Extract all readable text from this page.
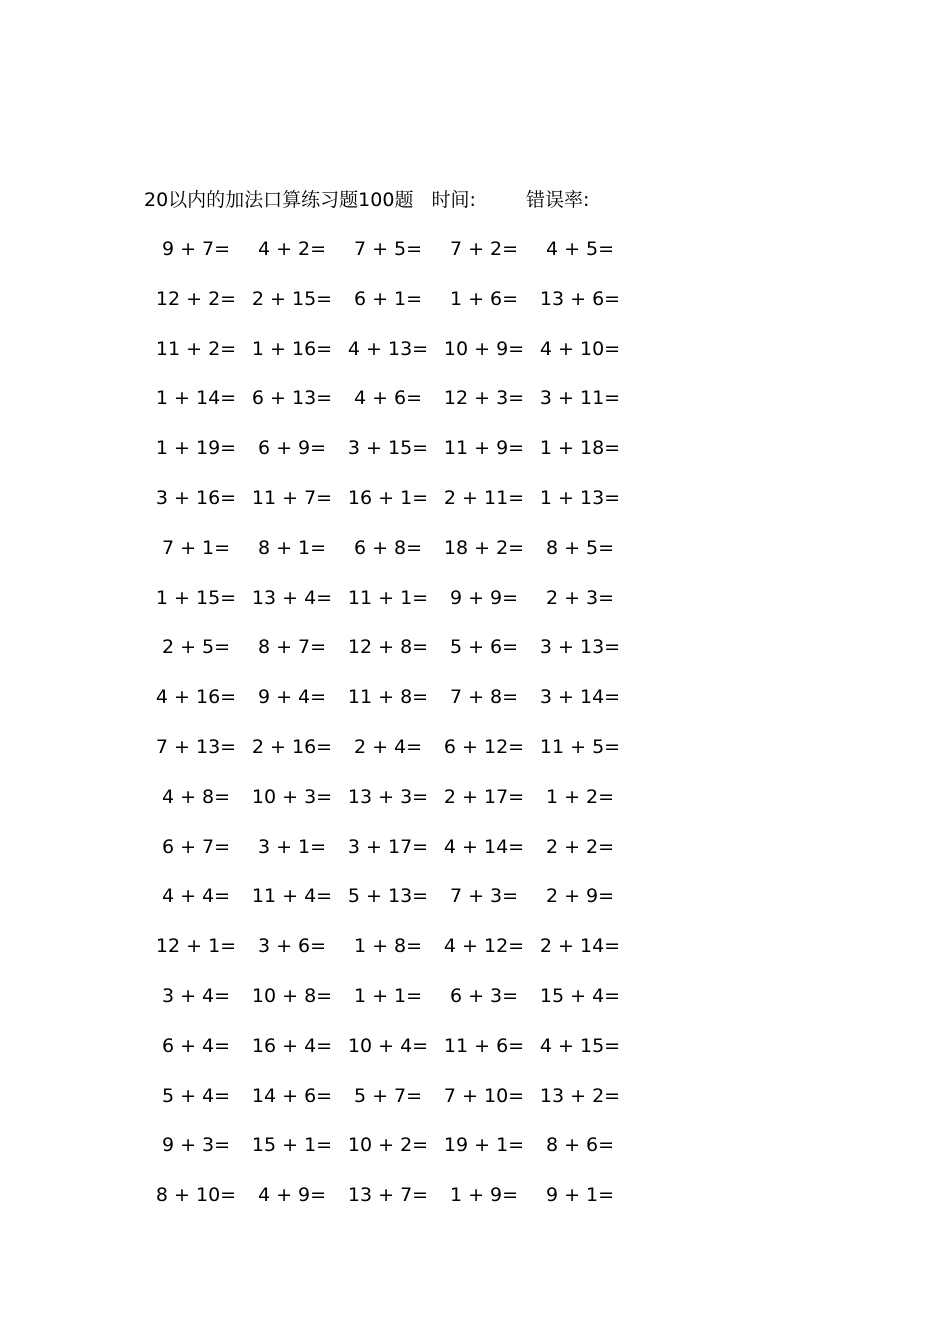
20以内的加法口算练习题100题 时间:	错误率:
9 + 7=	4 + 2=	7 + 5=	7 + 2=	4 + 5=
12 + 2= 2 + 15=	6 + 1=	1 + 6=	13 + 6=
11 + 2= 1 + 16= 4 + 13= 10 + 9= 4 + 10=
1 + 14= 6 + 13=	4 + 6=	12 + 3= 3 + 11=
1 + 19=	6 + 9=	3 + 15= 11 + 9= 1 + 18=
3 + 16= 11 + 7= 16 + 1= 2 + 11= 1 + 13=
7 + 1=	8 + 1=	6 + 8=	18 + 2=	8 + 5=
1 + 15= 13 + 4= 11 + 1=	9 + 9=	2 + 3=
2 + 5=	8 + 7=	12 + 8=	5 + 6=	3 + 13=
4 + 16=	9 + 4=	11 + 8=	7 + 8=	3 + 14=
7 + 13= 2 + 16=	2 + 4=	6 + 12= 11 + 5=
4 + 8=	10 + 3= 13 + 3= 2 + 17=	1 + 2=
6 + 7=	3 + 1=	3 + 17= 4 + 14=	2 + 2=
4 + 4=	11 + 4= 5 + 13=	7 + 3=	2 + 9=
12 + 1=	3 + 6=	1 + 8=	4 + 12= 2 + 14=
3 + 4=	10 + 8=	1 + 1=	6 + 3=	15 + 4=
6 + 4=	16 + 4= 10 + 4= 11 + 6= 4 + 15=
5 + 4=	14 + 6=	5 + 7=	7 + 10= 13 + 2=
9 + 3=	15 + 1= 10 + 2= 19 + 1=	8 + 6=
8 + 10=	4 + 9=	13 + 7=	1 + 9=	9 + 1=
